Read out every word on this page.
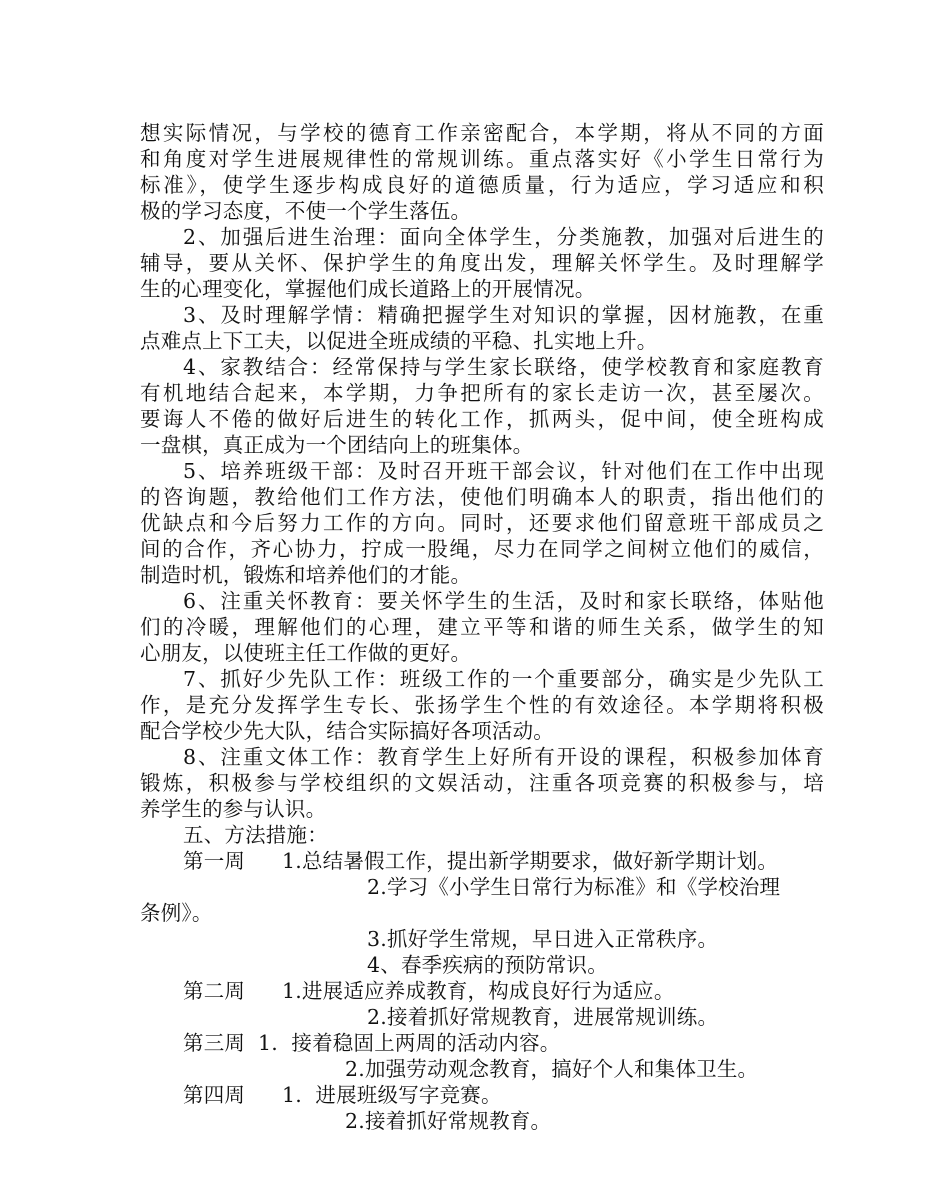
想实际情况，与学校的德育工作亲密配合，本学期，将从不同的方面
和角度对学生进展规律性的常规训练。重点落实好《小学生日常行为
标准》，使学生逐步构成良好的道德质量，行为适应，学习适应和积
极的学习态度，不使一个学生落伍。
2、加强后进生治理：面向全体学生，分类施教，加强对后进生的
辅导，要从关怀、保护学生的角度出发，理解关怀学生。及时理解学
生的心理变化，掌握他们成长道路上的开展情况。
3、及时理解学情：精确把握学生对知识的掌握，因材施教，在重
点难点上下工夫，以促进全班成绩的平稳、扎实地上升。
4、家教结合：经常保持与学生家长联络，使学校教育和家庭教育
有机地结合起来，本学期，力争把所有的家长走访一次，甚至屡次。
要诲人不倦的做好后进生的转化工作，抓两头，促中间，使全班构成
一盘棋，真正成为一个团结向上的班集体。
5、培养班级干部：及时召开班干部会议，针对他们在工作中出现
的咨询题，教给他们工作方法，使他们明确本人的职责，指出他们的
优缺点和今后努力工作的方向。同时，还要求他们留意班干部成员之
间的合作，齐心协力，拧成一股绳，尽力在同学之间树立他们的威信，
制造时机，锻炼和培养他们的才能。
6、注重关怀教育：要关怀学生的生活，及时和家长联络，体贴他
们的冷暖，理解他们的心理，建立平等和谐的师生关系，做学生的知
心朋友，以使班主任工作做的更好。
7、抓好少先队工作：班级工作的一个重要部分，确实是少先队工
作，是充分发挥学生专长、张扬学生个性的有效途径。本学期将积极
配合学校少先大队，结合实际搞好各项活动。
8、注重文体工作：教育学生上好所有开设的课程，积极参加体育
锻炼，积极参与学校组织的文娱活动，注重各项竞赛的积极参与，培
养学生的参与认识。
五、方法措施：
第一周 1.总结暑假工作，提出新学期要求，做好新学期计划。
2.学习《小学生日常行为标准》和《学校治理
条例》。
3.抓好学生常规，早日进入正常秩序。
4、春季疾病的预防常识。
第二周 1.进展适应养成教育，构成良好行为适应。
2.接着抓好常规教育，进展常规训练。
第三周 1.  接着稳固上两周的活动内容。
2.加强劳动观念教育，搞好个人和集体卫生。
第四周 1.  进展班级写字竞赛。
2.接着抓好常规教育。
